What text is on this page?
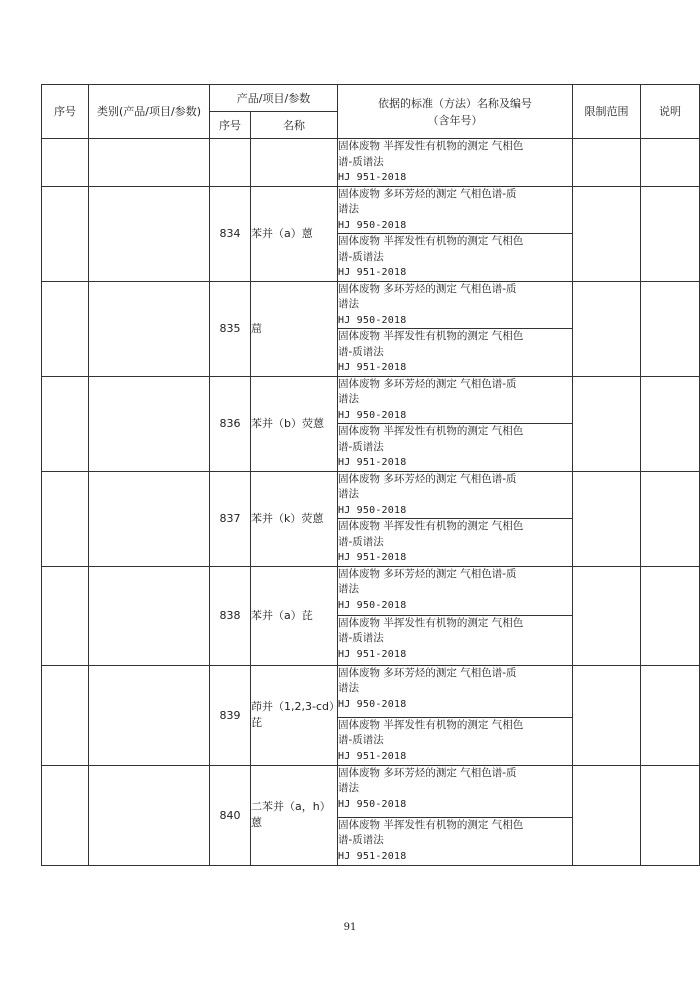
序号	类别(产品/项目/参数)	产品/项目/参数		依据的标准（方法）名称及编号（含年号）	限制范围	说明
		序号	名称			

				固体废物 半挥发性有机物的测定 气相色
谱-质谱法
HJ 951-2018		

		834	苯并（a）蒽	固体废物 多环芳烃的测定 气相色谱-质
谱法
HJ 950-2018		

				固体废物 半挥发性有机物的测定 气相色
谱-质谱法
HJ 951-2018		

		835	䓛	固体废物 多环芳烃的测定 气相色谱-质
谱法
HJ 950-2018		

				固体废物 半挥发性有机物的测定 气相色
谱-质谱法
HJ 951-2018		

		836	苯并（b）荧蒽	固体废物 多环芳烃的测定 气相色谱-质
谱法
HJ 950-2018		

				固体废物 半挥发性有机物的测定 气相色
谱-质谱法
HJ 951-2018		

		837	苯并（k）荧蒽	固体废物 多环芳烃的测定 气相色谱-质
谱法
HJ 950-2018		

				固体废物 半挥发性有机物的测定 气相色
谱-质谱法
HJ 951-2018		

		838	苯并（a）芘	固体废物 多环芳烃的测定 气相色谱-质
谱法
HJ 950-2018		

				固体废物 半挥发性有机物的测定 气相色
谱-质谱法
HJ 951-2018		

		839	茚并（1,2,3-cd）芘	固体废物 多环芳烃的测定 气相色谱-质
谱法
HJ 950-2018		

				固体废物 半挥发性有机物的测定 气相色
谱-质谱法
HJ 951-2018		

		840	二苯并（a，h）蒽	固体废物 多环芳烃的测定 气相色谱-质
谱法
HJ 950-2018		

				固体废物 半挥发性有机物的测定 气相色
谱-质谱法
HJ 951-2018		
91
